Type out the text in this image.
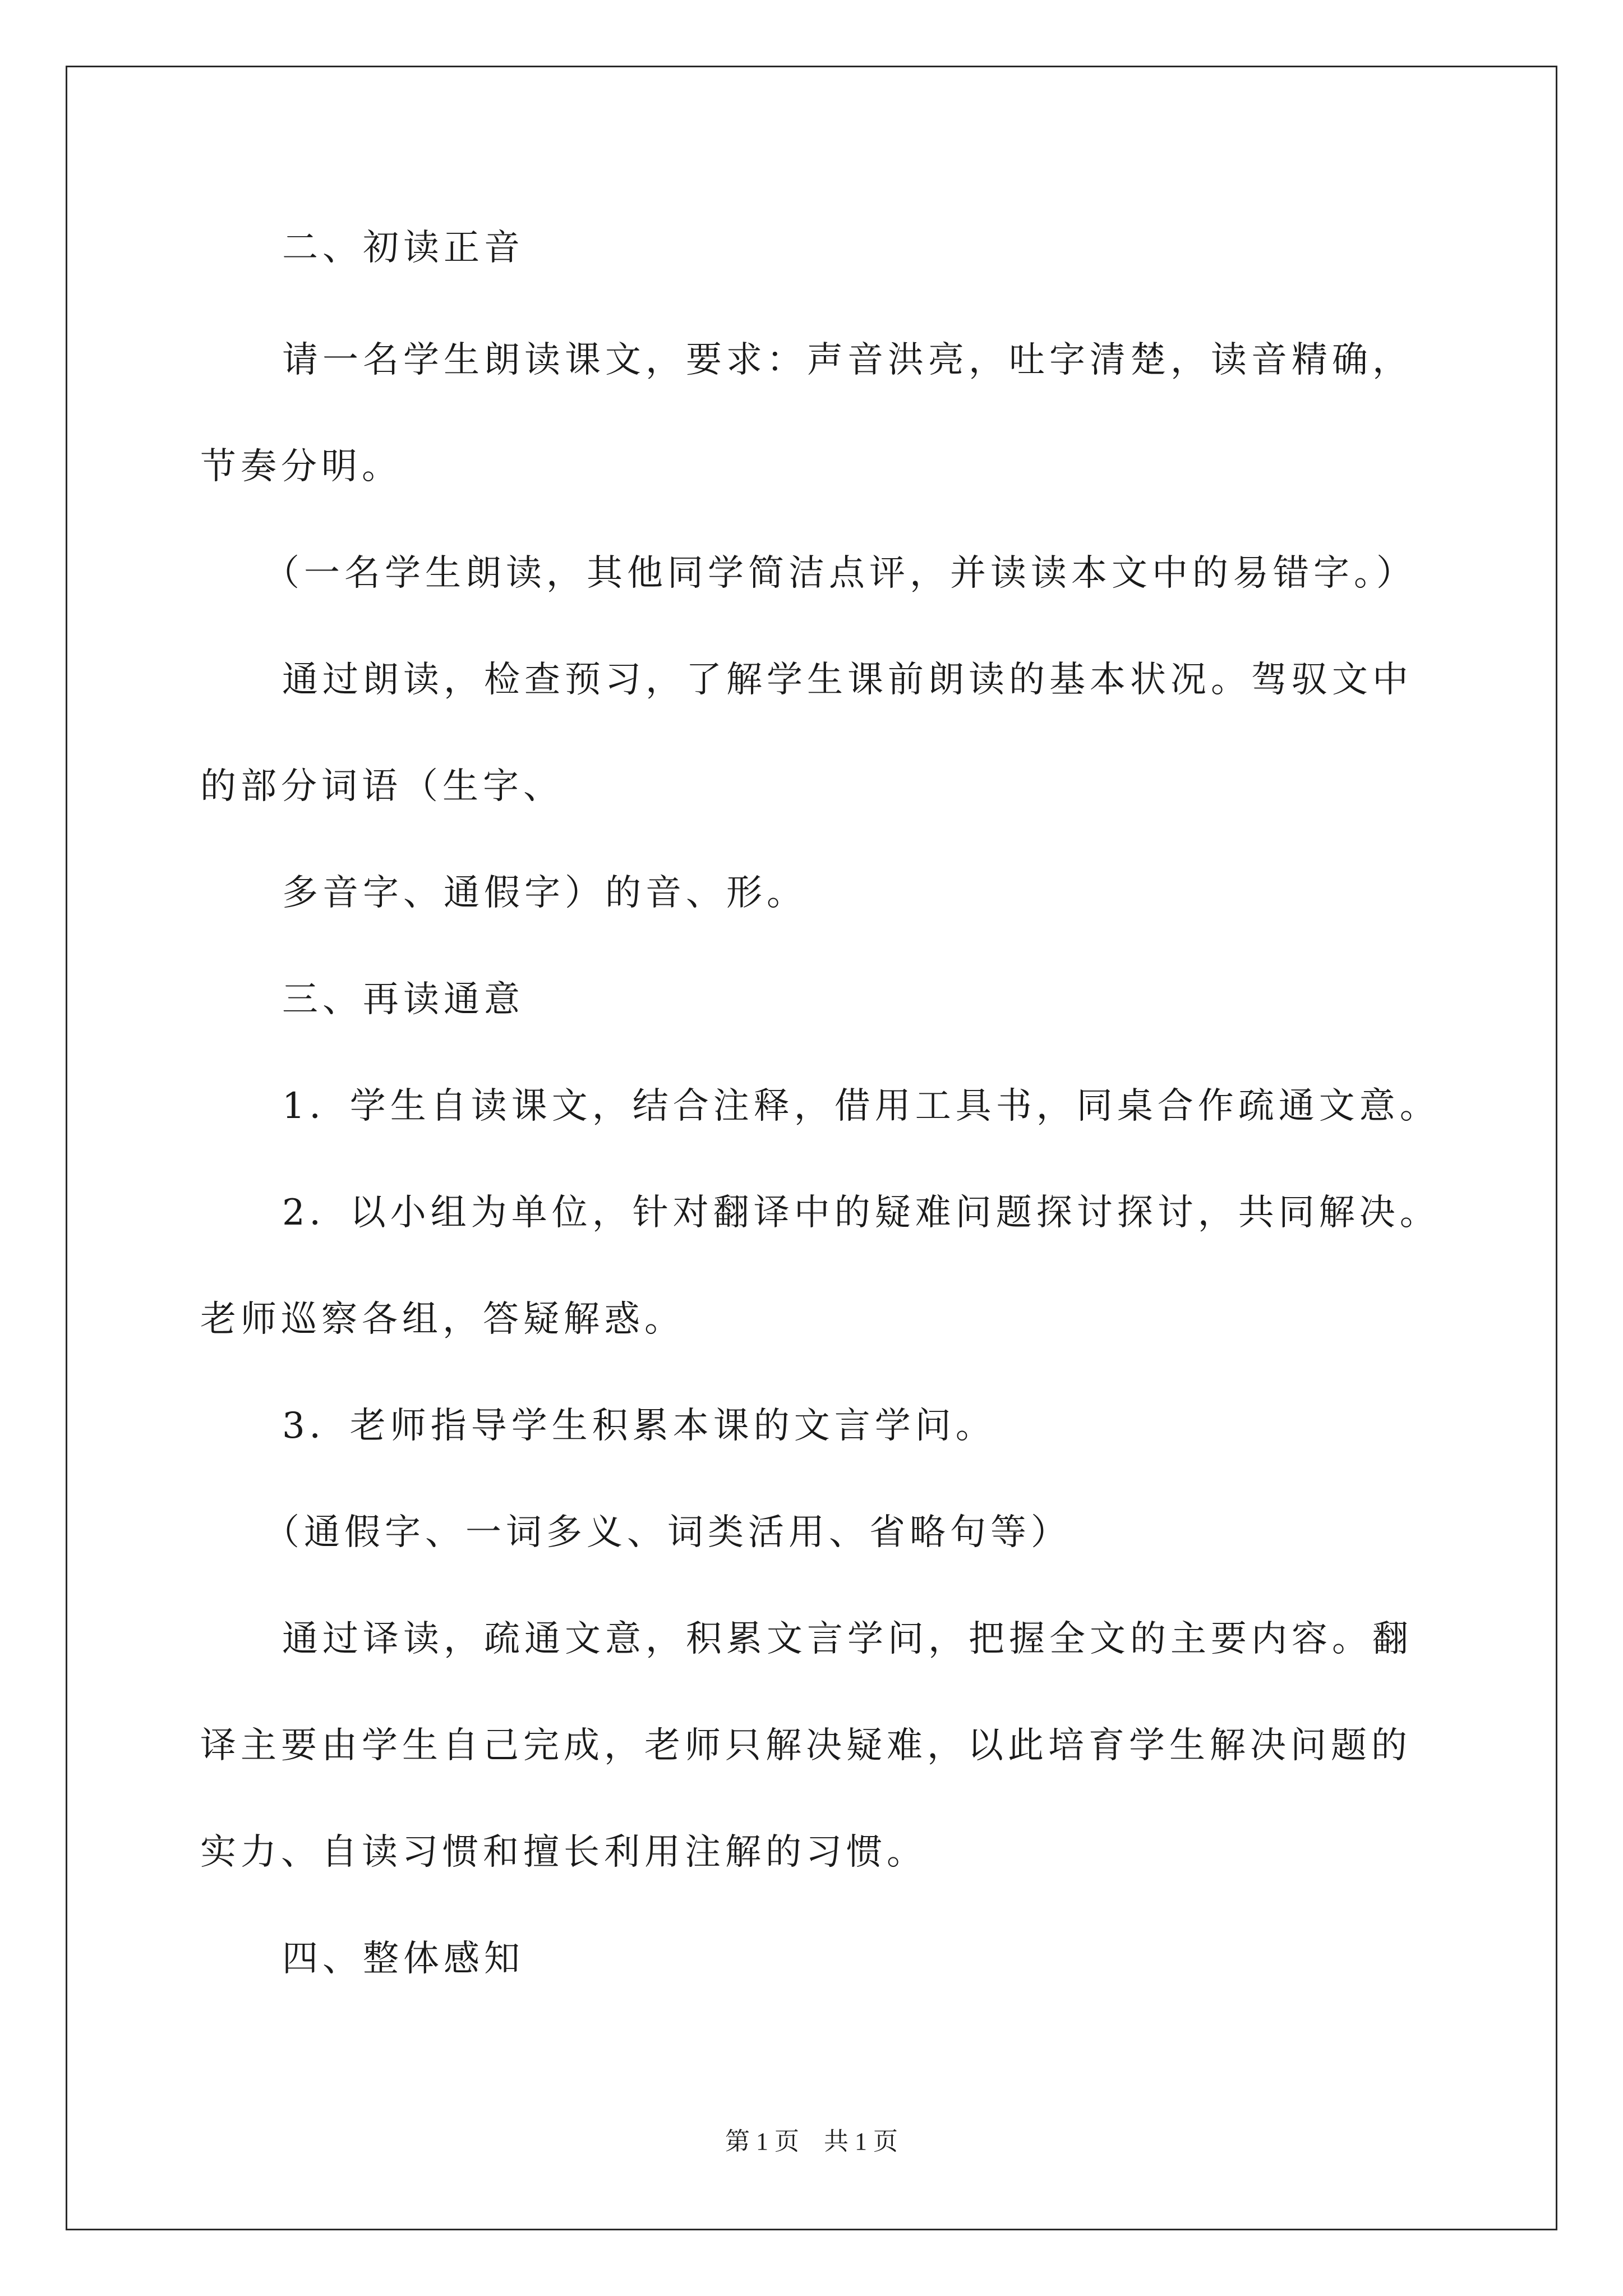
二、初读正音
请一名学生朗读课文，要求：声音洪亮，吐字清楚，读音精确，
节奏分明。
（一名学生朗读，其他同学简洁点评，并读读本文中的易错字。）
通过朗读，检查预习，了解学生课前朗读的基本状况。驾驭文中
的部分词语（生字、
多音字、通假字）的音、形。
三、再读通意
1．学生自读课文，结合注释，借用工具书，同桌合作疏通文意。
2．以小组为单位，针对翻译中的疑难问题探讨探讨，共同解决。
老师巡察各组，答疑解惑。
3．老师指导学生积累本课的文言学问。
（通假字、一词多义、词类活用、省略句等）
通过译读，疏通文意，积累文言学问，把握全文的主要内容。翻
译主要由学生自己完成，老师只解决疑难，以此培育学生解决问题的
实力、自读习惯和擅长利用注解的习惯。
四、整体感知
第 1 页　共 1 页
